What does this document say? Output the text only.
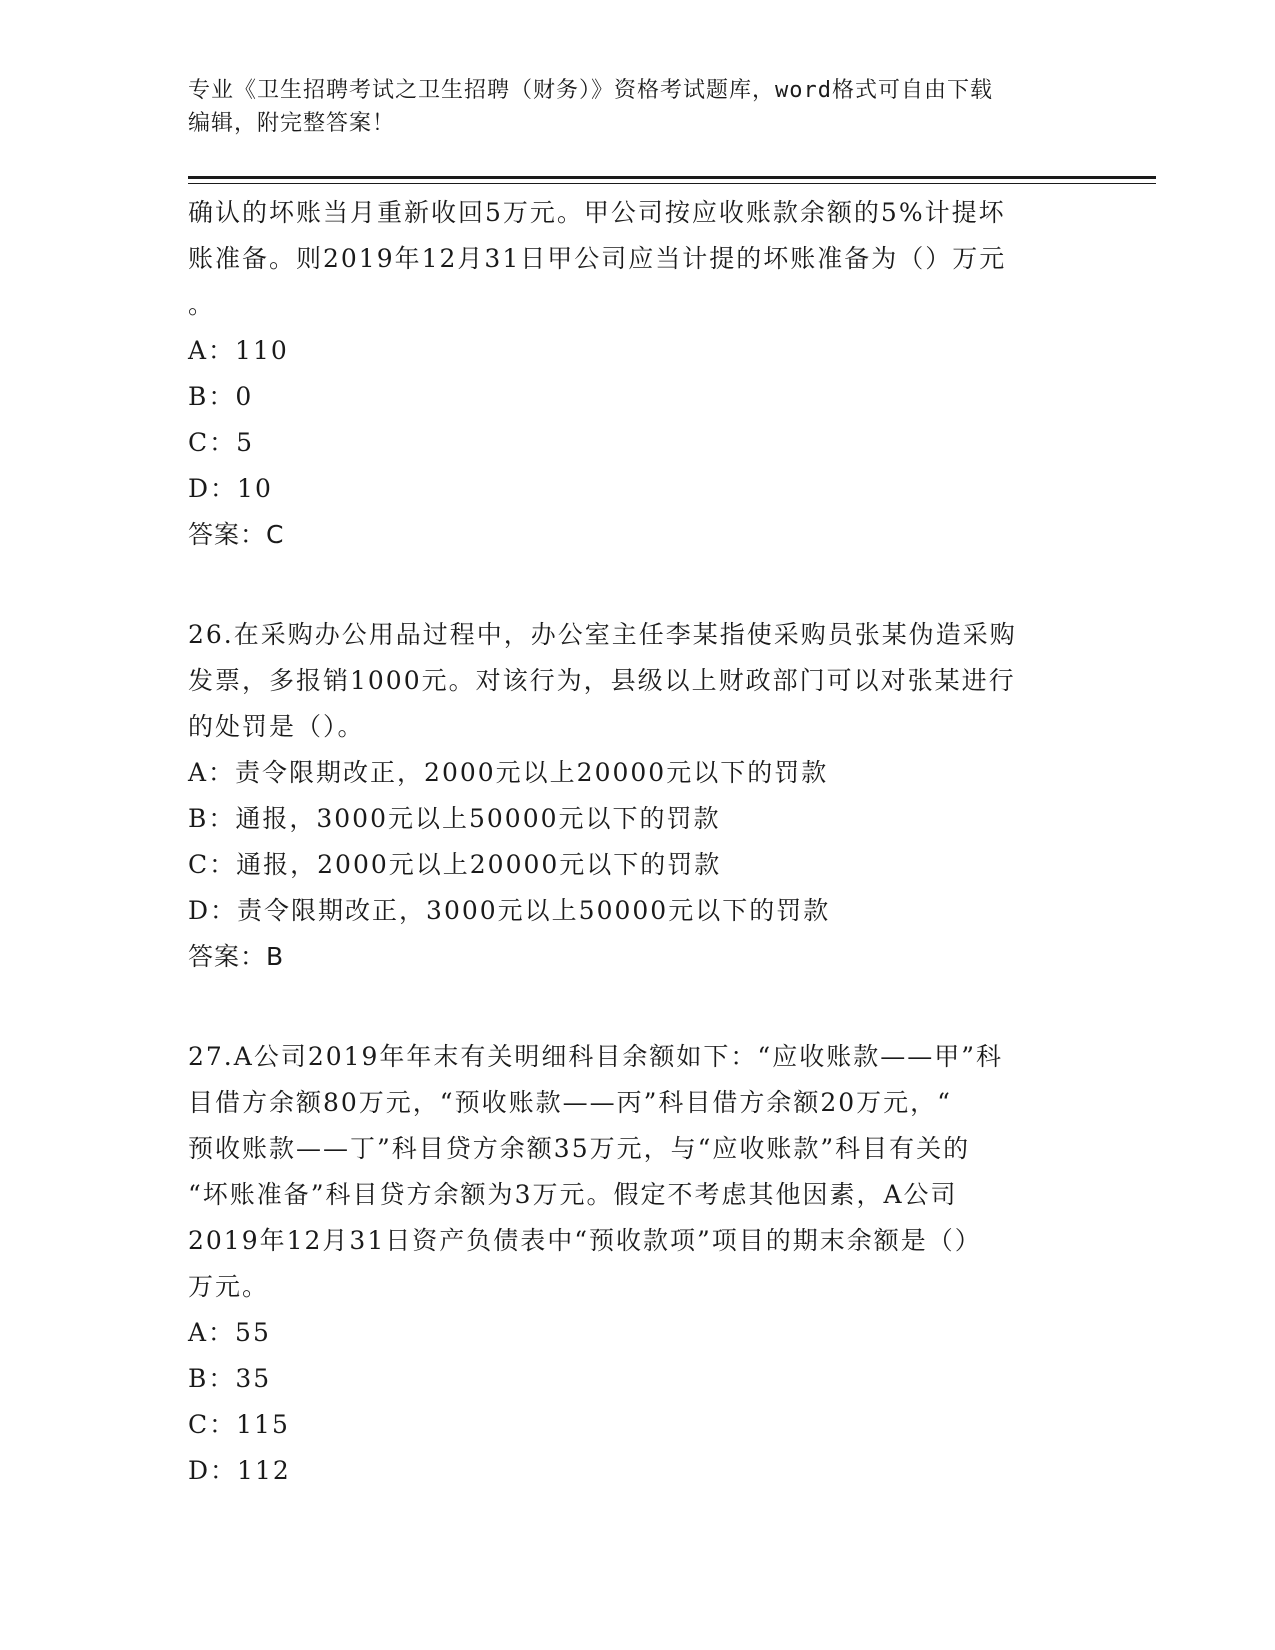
专业《卫生招聘考试之卫生招聘（财务）》资格考试题库，word格式可自由下载
编辑，附完整答案！
确认的坏账当月重新收回5万元。甲公司按应收账款余额的5%计提坏
账准备。则2019年12月31日甲公司应当计提的坏账准备为（）万元
。
A：110
B：0
C：5
D：10
答案：C
26.在采购办公用品过程中，办公室主任李某指使采购员张某伪造采购
发票，多报销1000元。对该行为，县级以上财政部门可以对张某进行
的处罚是（）。
A：责令限期改正，2000元以上20000元以下的罚款
B：通报，3000元以上50000元以下的罚款
C：通报，2000元以上20000元以下的罚款
D：责令限期改正，3000元以上50000元以下的罚款
答案：B
27.A公司2019年年末有关明细科目余额如下：“应收账款——甲”科
目借方余额80万元，“预收账款——丙”科目借方余额20万元，“
预收账款——丁”科目贷方余额35万元，与“应收账款”科目有关的
“坏账准备”科目贷方余额为3万元。假定不考虑其他因素，A公司
2019年12月31日资产负债表中“预收款项”项目的期末余额是（）
万元。
A：55
B：35
C：115
D：112
